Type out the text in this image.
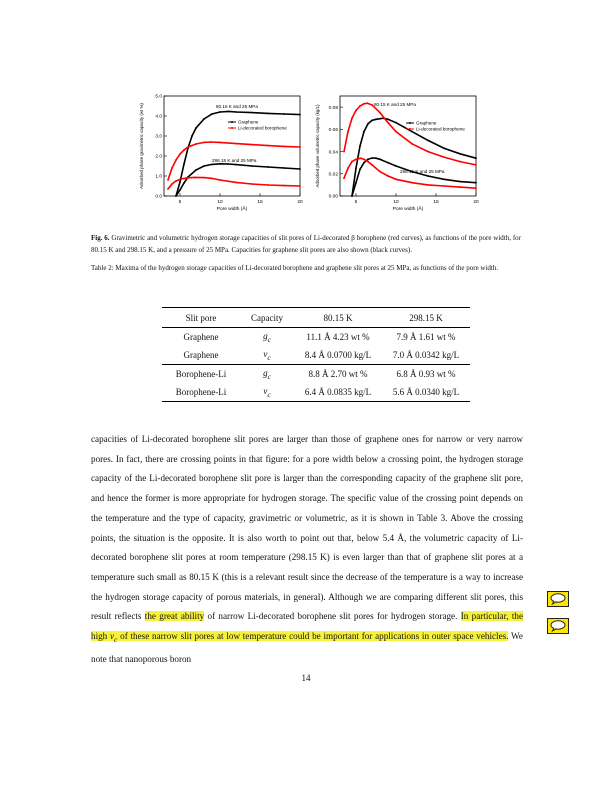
5	10	15	20
0.0
1.0
2.0
3.0
4.0
5.0
Pore width (Å)
Adsorbed phase gravimetric capacity (wt %)	80.15 K and 25 MPa
298.15 K and 25 MPa
Graphene
Li-decorated borophene
5	10	15	20
0.00
0.02
0.04
0.06
0.08
Pore width (Å)
Adsorbed phase volumetric capacity (kg/L)
80.15 K and 25 MPa
298.15 K and 25 MPa
Graphene
Li-decorated borophene
Fig. 6. Gravimetric and volumetric hydrogen storage capacities of slit pores of Li-decorated β borophene (red curves), as functions of the pore width, for 80.15 K and 298.15 K, and a pressure of 25 MPa. Capacities for graphene slit pores are also shown (black curves).
Table 2: Maxima of the hydrogen storage capacities of Li-decorated borophene and graphene slit pores at 25 MPa, as functions of the pore width.
Slit pore	Capacity	80.15 K	298.15 K
Graphene	$g_c$	11.1 Å 4.23 wt %	7.9 Å 1.61 wt %
Graphene	$v_c$	8.4 Å 0.0700 kg/L	7.0 Å 0.0342 kg/L
Borophene-Li	$g_c$	8.8 Å 2.70 wt %	6.8 Å 0.93 wt %
Borophene-Li	$v_c$	6.4 Å 0.0835 kg/L	5.6 Å 0.0340 kg/L

capacities of Li-decorated borophene slit pores are larger than those of graphene ones for narrow or very narrow pores. In fact, there are crossing points in that figure: for a pore width below a crossing point, the hydrogen storage capacity of the Li-decorated borophene slit pore is larger than the corresponding capacity of the graphene slit pore, and hence the former is more appropriate for hydrogen storage. The specific value of the crossing point depends on the temperature and the type of capacity, gravimetric or volumetric, as it is shown in Table 3. Above the crossing points, the situation is the opposite. It is also worth to point out that, below 5.4 Å, the volumetric capacity of Li-decorated borophene slit pores at room temperature (298.15 K) is even larger than that of graphene slit pores at a temperature such small as 80.15 K (this is a relevant result since the decrease of the temperature is a way to increase the hydrogen storage capacity of porous materials, in general). Although we are comparing different slit pores, this result reflects the great ability of narrow Li-decorated borophene slit pores for hydrogen storage. In particular, the high $v_c$ of these narrow slit pores at low temperature could be important for applications in outer space vehicles. We note that nanoporous boron

14
